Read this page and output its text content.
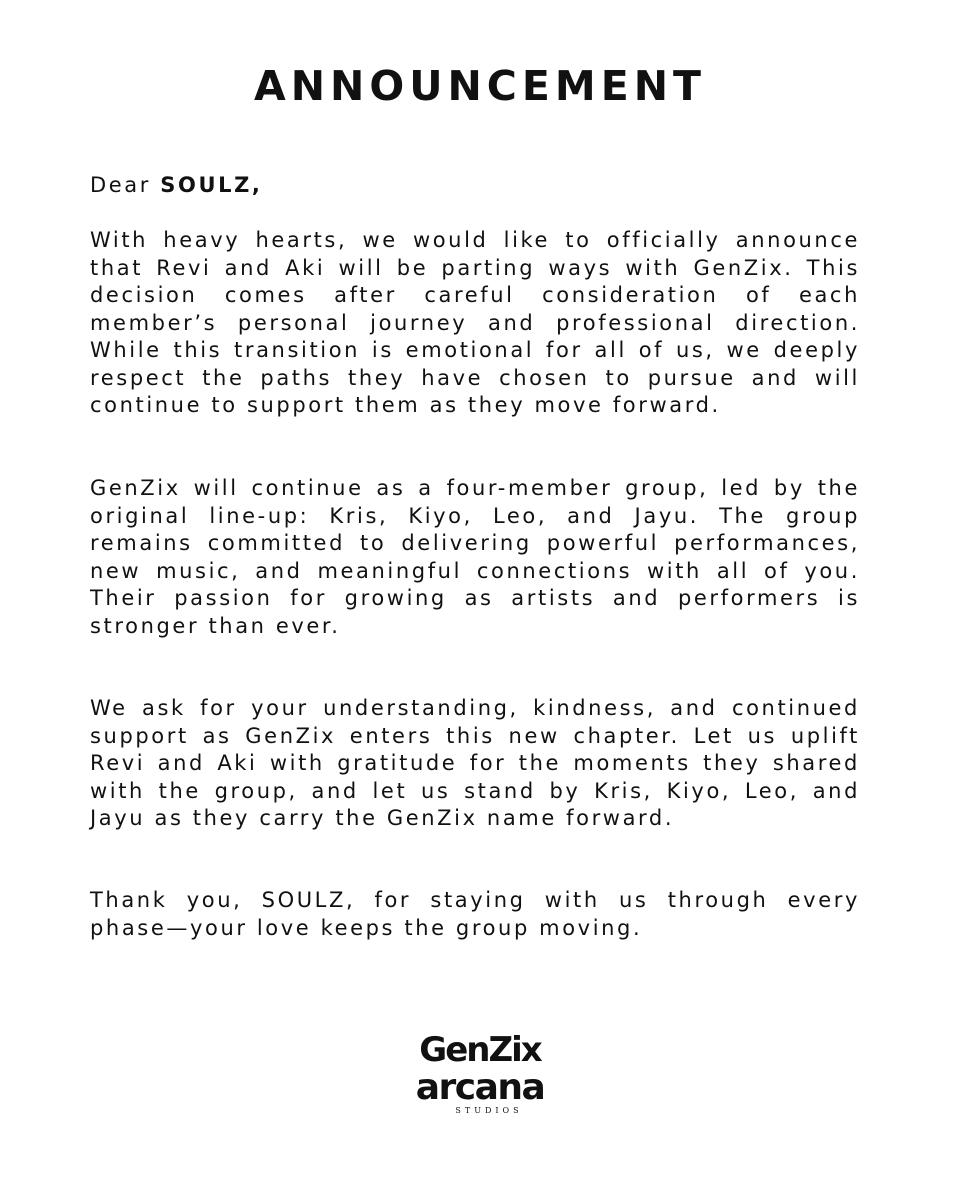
ANNOUNCEMENT

Dear SOULZ,

With heavy hearts, we would like to officially announce that Revi and Aki will be parting ways with GenZix. This decision comes after careful consideration of each member’s personal journey and professional direction. While this transition is emotional for all of us, we deeply respect the paths they have chosen to pursue and will continue to support them as they move forward.

GenZix will continue as a four-member group, led by the original line-up: Kris, Kiyo, Leo, and Jayu. The group remains committed to delivering powerful performances, new music, and meaningful connections with all of you. Their passion for growing as artists and performers is stronger than ever.

We ask for your understanding, kindness, and continued support as GenZix enters this new chapter. Let us uplift Revi and Aki with gratitude for the moments they shared with the group, and let us stand by Kris, Kiyo, Leo, and Jayu as they carry the GenZix name forward.

Thank you, SOULZ, for staying with us through every phase—your love keeps the group moving.

GenZix
arcana
STUDIOS
